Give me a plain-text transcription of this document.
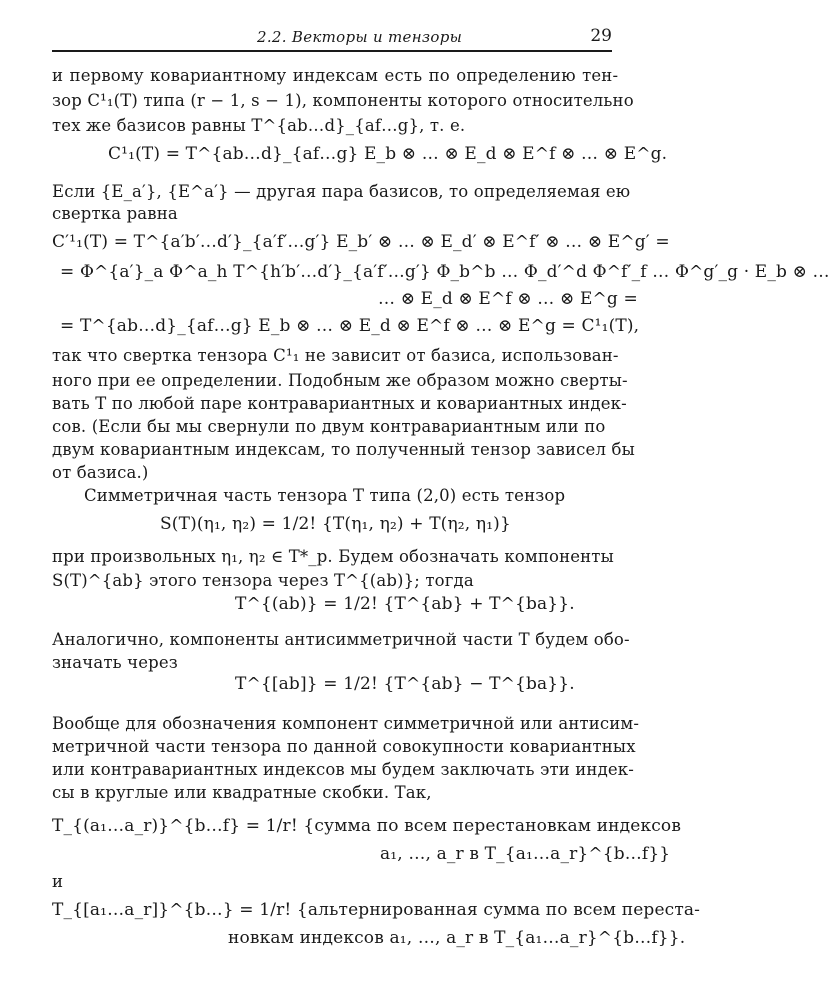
2.2. Векторы и тензоры	29
и первому ковариантному индексам есть по определению тен-
зор C¹₁(T) типа (r − 1, s − 1), компоненты которого относительно
тех же базисов равны T^{ab…d}_{af…g}, т. е.
C¹₁(T) = T^{ab…d}_{af…g} E_b ⊗ … ⊗ E_d ⊗ E^f ⊗ … ⊗ E^g.
Если {E_a′}, {E^a′} — другая пара базисов, то определяемая ею
свертка равна
C′¹₁(T) = T^{a′b′…d′}_{a′f′…g′} E_b′ ⊗ … ⊗ E_d′ ⊗ E^f′ ⊗ … ⊗ E^g′ =
= Φ^{a′}_a Φ^a_h T^{h′b′…d′}_{a′f′…g′} Φ_b^b … Φ_d′^d Φ^f′_f … Φ^g′_g · E_b ⊗ …
… ⊗ E_d ⊗ E^f ⊗ … ⊗ E^g =
= T^{ab…d}_{af…g} E_b ⊗ … ⊗ E_d ⊗ E^f ⊗ … ⊗ E^g = C¹₁(T),
так что свертка тензора C¹₁ не зависит от базиса, использован-
ного при ее определении. Подобным же образом можно сверты-
вать T по любой паре контравариантных и ковариантных индек-
сов. (Если бы мы свернули по двум контравариантным или по
двум ковариантным индексам, то полученный тензор зависел бы
от базиса.)
Симметричная часть тензора T типа (2,0) есть тензор
S(T)(η₁, η₂) = 1/2! {T(η₁, η₂) + T(η₂, η₁)}
при произвольных η₁, η₂ ∈ T*_p. Будем обозначать компоненты
S(T)^{ab} этого тензора через T^{(ab)}; тогда
T^{(ab)} = 1/2! {T^{ab} + T^{ba}}.
Аналогично, компоненты антисимметричной части T будем обо-
значать через
T^{[ab]} = 1/2! {T^{ab} − T^{ba}}.
Вообще для обозначения компонент симметричной или антисим-
метричной части тензора по данной совокупности ковариантных
или контравариантных индексов мы будем заключать эти индек-
сы в круглые или квадратные скобки. Так,
T_{(a₁…a_r)}^{b…f} = 1/r! {сумма по всем перестановкам индексов
a₁, …, a_r в T_{a₁…a_r}^{b…f}}
и
T_{[a₁…a_r]}^{b…} = 1/r! {альтернированная сумма по всем переста-
новкам индексов a₁, …, a_r в T_{a₁…a_r}^{b…f}}.
